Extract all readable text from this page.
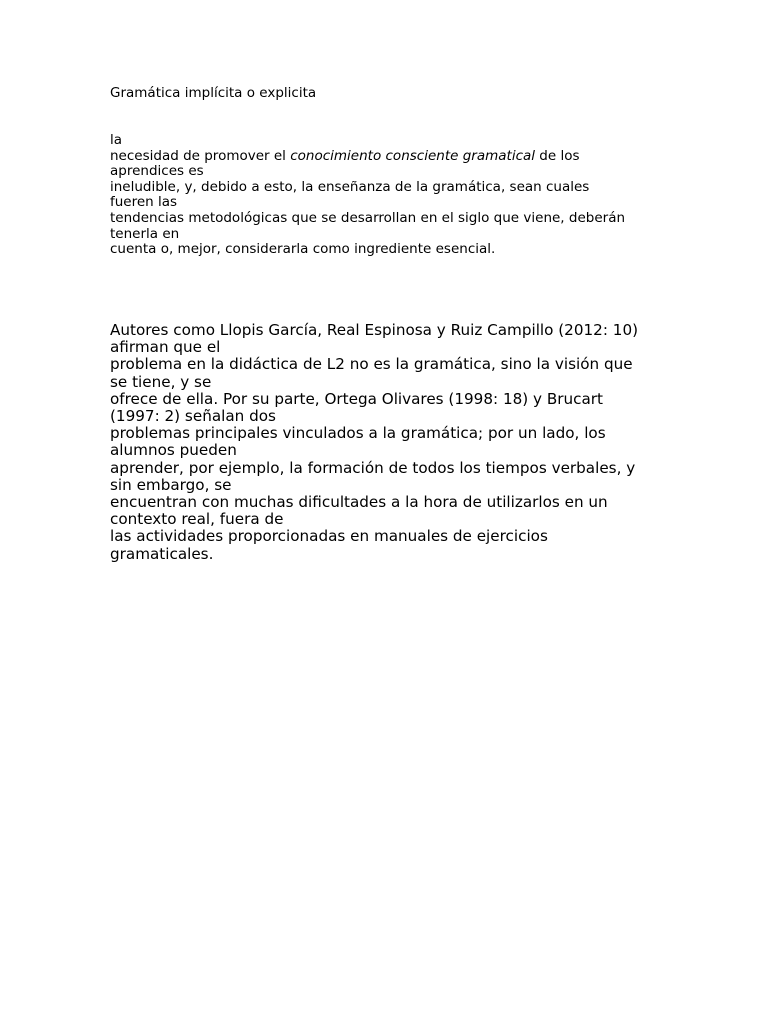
Gramática implícita o explicita
la
necesidad de promover el conocimiento consciente gramatical de los
aprendices es
ineludible, y, debido a esto, la enseñanza de la gramática, sean cuales
fueren las
tendencias metodológicas que se desarrollan en el siglo que viene, deberán
tenerla en
cuenta o, mejor, considerarla como ingrediente esencial.
Autores como Llopis García, Real Espinosa y Ruiz Campillo (2012: 10)
afirman que el
problema en la didáctica de L2 no es la gramática, sino la visión que
se tiene, y se
ofrece de ella. Por su parte, Ortega Olivares (1998: 18) y Brucart
(1997: 2) señalan dos
problemas principales vinculados a la gramática; por un lado, los
alumnos pueden
aprender, por ejemplo, la formación de todos los tiempos verbales, y
sin embargo, se
encuentran con muchas dificultades a la hora de utilizarlos en un
contexto real, fuera de
las actividades proporcionadas en manuales de ejercicios
gramaticales.
